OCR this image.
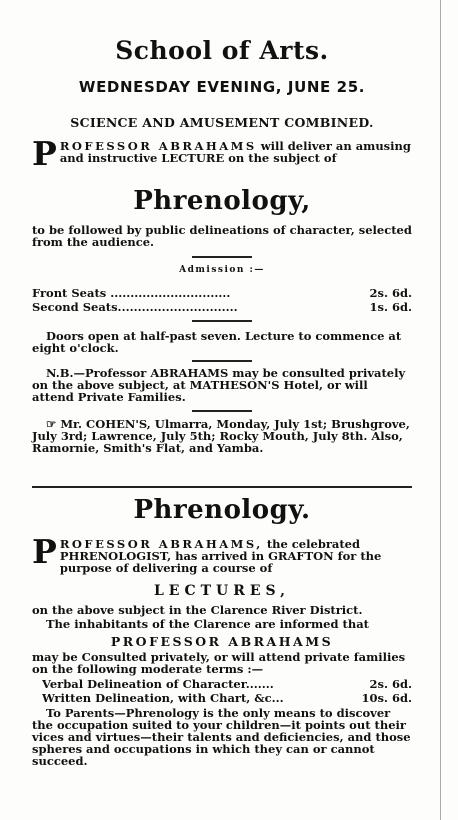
School of Arts.
WEDNESDAY EVENING, JUNE 25.
SCIENCE AND AMUSEMENT COMBINED.
PROFESSOR ABRAHAMS will deliver an amusing and instructive LECTURE on the subject of
Phrenology,
to be followed by public delineations of character, selected from the audience.
Admission :—
Front Seats ..............................	2s. 6d.
Second Seats..............................	1s. 6d.
Doors open at half-past seven. Lecture to commence at eight o'clock.
N.B.—Professor ABRAHAMS may be consulted privately on the above subject, at MATHESON'S Hotel, or will attend Private Families.
☞ Mr. COHEN'S, Ulmarra, Monday, July 1st; Brushgrove, July 3rd; Lawrence, July 5th; Rocky Mouth, July 8th. Also, Ramornie, Smith's Flat, and Yamba.
Phrenology.
PROFESSOR ABRAHAMS, the celebrated PHRENOLOGIST, has arrived in GRAFTON for the purpose of delivering a course of
LECTURES,
on the above subject in the Clarence River District.
The inhabitants of the Clarence are informed that
PROFESSOR ABRAHAMS
may be Consulted privately, or will attend private families on the following moderate terms :—
Verbal Delineation of Character.......	2s. 6d.
Written Delineation, with Chart, &c...	10s. 6d.
To Parents—Phrenology is the only means to discover the occupation suited to your children—it points out their vices and virtues—their talents and deficiencies, and those spheres and occupations in which they can or cannot succeed.
